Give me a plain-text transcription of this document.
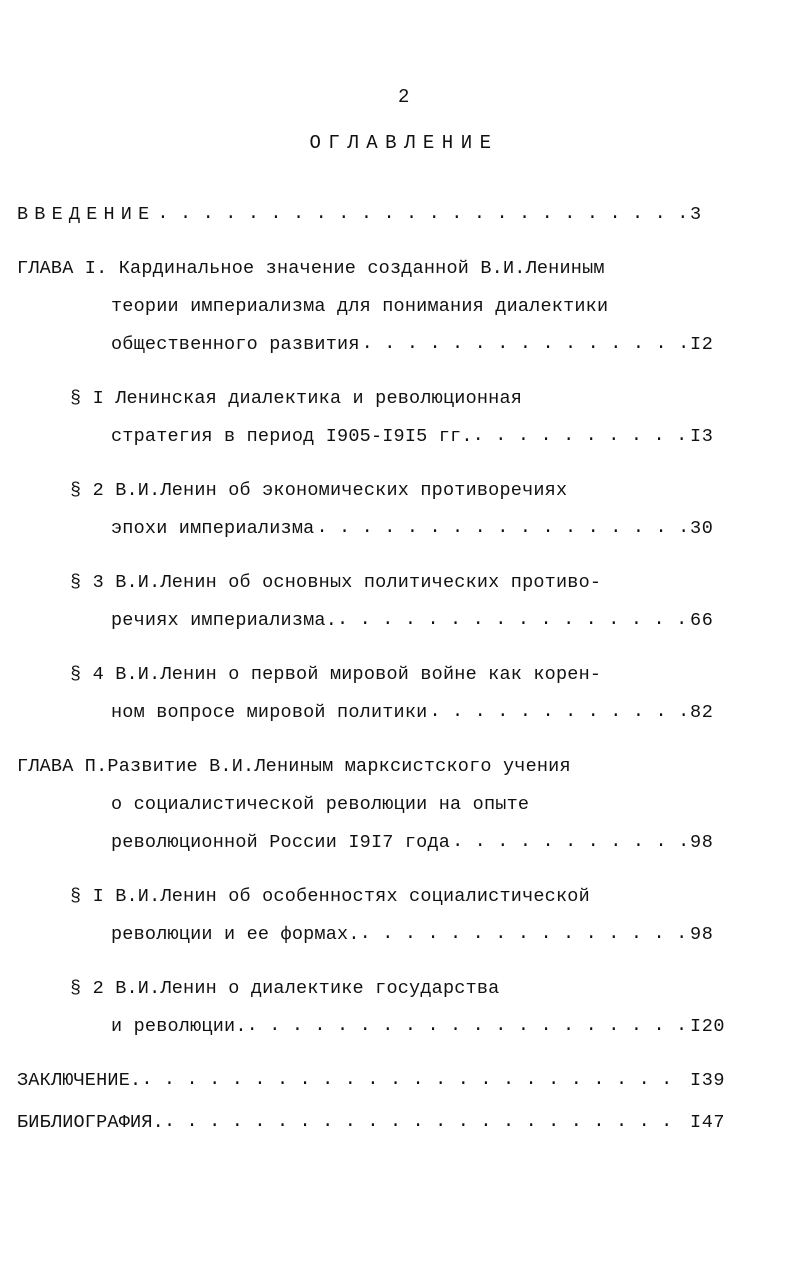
2
ОГЛАВЛЕНИЕ
ВВЕДЕНИЕ .....	3
ГЛАВА I. Кардинальное значение созданной В.И.Лениным
теории империализма для понимания диалектики
общественного развития .....	I2
§ I Ленинская диалектика и революционная
стратегия в период I905-I9I5 гг. .....	I3
§ 2 В.И.Ленин об экономических противоречиях
эпохи империализма .....	30
§ 3 В.И.Ленин об основных политических противо-
речиях империализма. .....	66
§ 4 В.И.Ленин о первой мировой войне как корен-
ном вопросе мировой политики .....	82
ГЛАВА П.Развитие В.И.Лениным марксистского учения
о социалистической революции на опыте
революционной России I9I7 года .....	98
§ I В.И.Ленин об особенностях социалистической
революции и ее формах. .....	98
§ 2 В.И.Ленин о диалектике государства
и революции. .....	I20
ЗАКЛЮЧЕНИЕ. .....	I39
БИБЛИОГРАФИЯ. .....	I47
